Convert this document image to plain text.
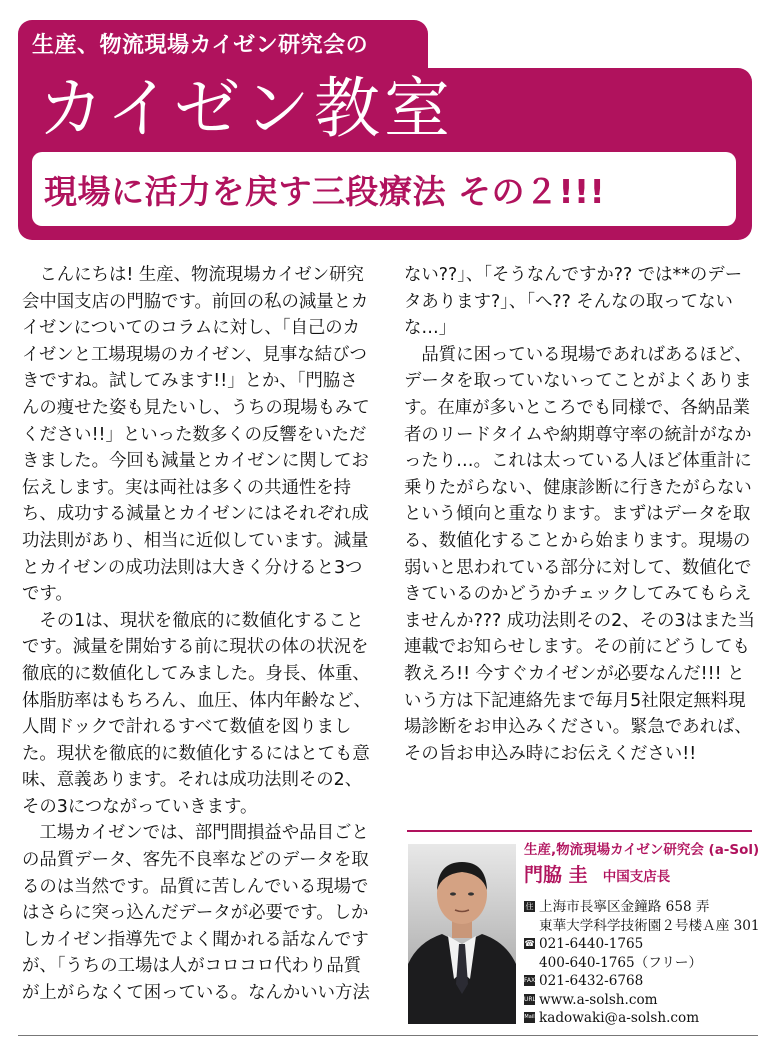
生産、物流現場カイゼン研究会の
カイゼン教室
現場に活力を戻す三段療法 その２!!!

こんにちは! 生産、物流現場カイゼン研究会中国支店の門脇です。前回の私の減量とカイゼンについてのコラムに対し、「自己のカイゼンと工場現場のカイゼン、見事な結びつきですね。試してみます!!」とか、「門脇さんの痩せた姿も見たいし、うちの現場もみてください!!」といった数多くの反響をいただきました。今回も減量とカイゼンに関してお伝えします。実は両社は多くの共通性を持ち、成功する減量とカイゼンにはそれぞれ成功法則があり、相当に近似しています。減量とカイゼンの成功法則は大きく分けると3つです。

その1は、現状を徹底的に数値化することです。減量を開始する前に現状の体の状況を徹底的に数値化してみました。身長、体重、体脂肪率はもちろん、血圧、体内年齢など、人間ドックで計れるすべて数値を図りました。現状を徹底的に数値化するにはとても意味、意義あります。それは成功法則その2、その3につながっていきます。

工場カイゼンでは、部門間損益や品目ごとの品質データ、客先不良率などのデータを取るのは当然です。品質に苦しんでいる現場ではさらに突っ込んだデータが必要です。しかしカイゼン指導先でよく聞かれる話なんですが、「うちの工場は人がコロコロ代わり品質が上がらなくて困っている。なんかいい方法

ない??」、「そうなんですか?? では**のデータあります?」、「へ?? そんなの取ってないな…」

品質に困っている現場であればあるほど、データを取っていないってことがよくあります。在庫が多いところでも同様で、各納品業者のリードタイムや納期尊守率の統計がなかったり…。これは太っている人ほど体重計に乗りたがらない、健康診断に行きたがらないという傾向と重なります。まずはデータを取る、数値化することから始まります。現場の弱いと思われている部分に対して、数値化できているのかどうかチェックしてみてもらえませんか??? 成功法則その2、その3はまた当連載でお知らせします。その前にどうしても教えろ!! 今すぐカイゼンが必要なんだ!!! という方は下記連絡先まで毎月5社限定無料現場診断をお申込みください。緊急であれば、その旨お申込み時にお伝えください!!

生産,物流現場カイゼン研究会 (a-Sol)
門脇 圭 中国支店長
住 上海市長寧区金鐘路 658 弄
東華大学科学技術園２号楼Ａ座 301
☎ 021-6440-1765
400-640-1765（フリー）
FAX 021-6432-6768
URL www.a-solsh.com
Mail kadowaki@a-solsh.com
